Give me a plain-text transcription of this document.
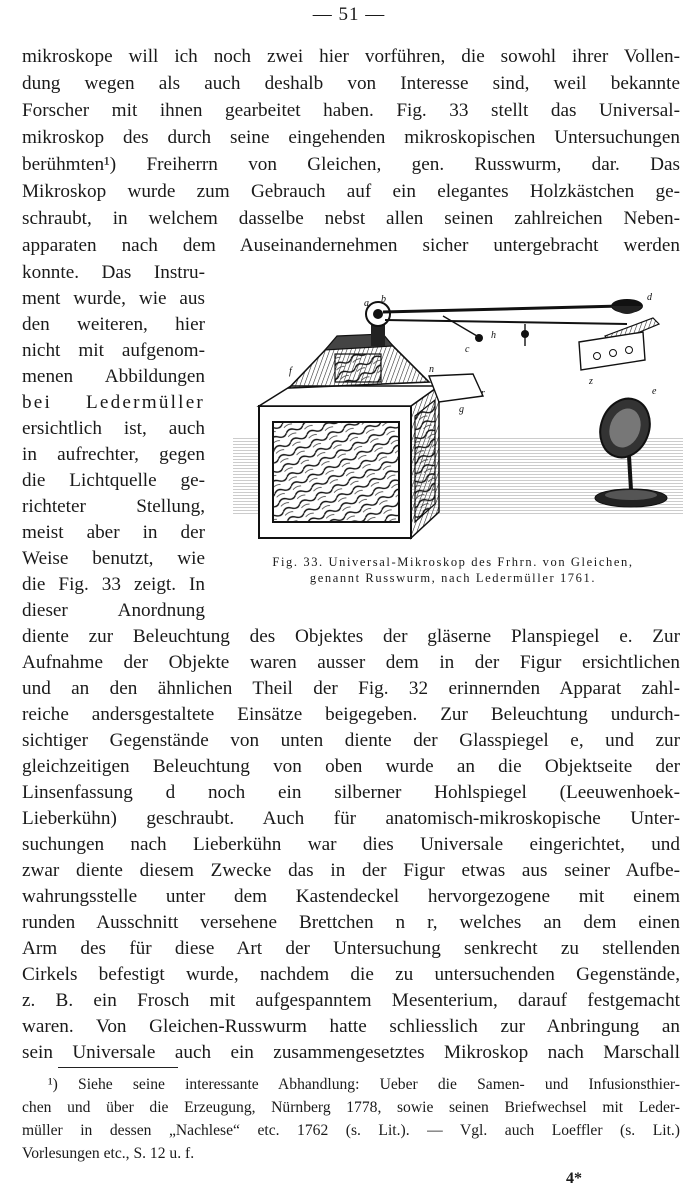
— 51 —
mikroskope will ich noch zwei hier vorführen, die sowohl ihrer Vollen-
dung wegen als auch deshalb von Interesse sind, weil bekannte
Forscher mit ihnen gearbeitet haben. Fig. 33 stellt das Universal-
mikroskop des durch seine eingehenden mikroskopischen Untersuchungen
berühmten¹) Freiherrn von Gleichen, gen. Russwurm, dar. Das
Mikroskop wurde zum Gebrauch auf ein elegantes Holzkästchen ge-
schraubt, in welchem dasselbe nebst allen seinen zahlreichen Neben-
apparaten nach dem Auseinandernehmen sicher untergebracht werden
konnte. Das Instru-
ment wurde, wie aus
den weiteren, hier
nicht mit aufgenom-
menen Abbildungen
bei Ledermüller
ersichtlich ist, auch
in aufrechter, gegen
die Lichtquelle ge-
richteter Stellung,
meist aber in der
Weise benutzt, wie
die Fig. 33 zeigt. In
dieser Anordnung
a b
c
d
e
f
g
h
n
r
z
Fig. 33. Universal-Mikroskop des Frhrn. von Gleichen,
genannt Russwurm, nach Ledermüller 1761.
diente zur Beleuchtung des Objektes der gläserne Planspiegel e. Zur
Aufnahme der Objekte waren ausser dem in der Figur ersichtlichen
und an den ähnlichen Theil der Fig. 32 erinnernden Apparat zahl-
reiche andersgestaltete Einsätze beigegeben. Zur Beleuchtung undurch-
sichtiger Gegenstände von unten diente der Glasspiegel e, und zur
gleichzeitigen Beleuchtung von oben wurde an die Objektseite der
Linsenfassung d noch ein silberner Hohlspiegel (Leeuwenhoek-
Lieberkühn) geschraubt. Auch für anatomisch-mikroskopische Unter-
suchungen nach Lieberkühn war dies Universale eingerichtet, und
zwar diente diesem Zwecke das in der Figur etwas aus seiner Aufbe-
wahrungsstelle unter dem Kastendeckel hervorgezogene mit einem
runden Ausschnitt versehene Brettchen n r, welches an dem einen
Arm des für diese Art der Untersuchung senkrecht zu stellenden
Cirkels befestigt wurde, nachdem die zu untersuchenden Gegenstände,
z. B. ein Frosch mit aufgespanntem Mesenterium, darauf festgemacht
waren. Von Gleichen-Russwurm hatte schliesslich zur Anbringung an
sein Universale auch ein zusammengesetztes Mikroskop nach Marschall
¹) Siehe seine interessante Abhandlung: Ueber die Samen- und Infusionsthier-
chen und über die Erzeugung, Nürnberg 1778, sowie seinen Briefwechsel mit Leder-
müller in dessen „Nachlese“ etc. 1762 (s. Lit.). — Vgl. auch Loeffler (s. Lit.)
Vorlesungen etc., S. 12 u. f.
4*
